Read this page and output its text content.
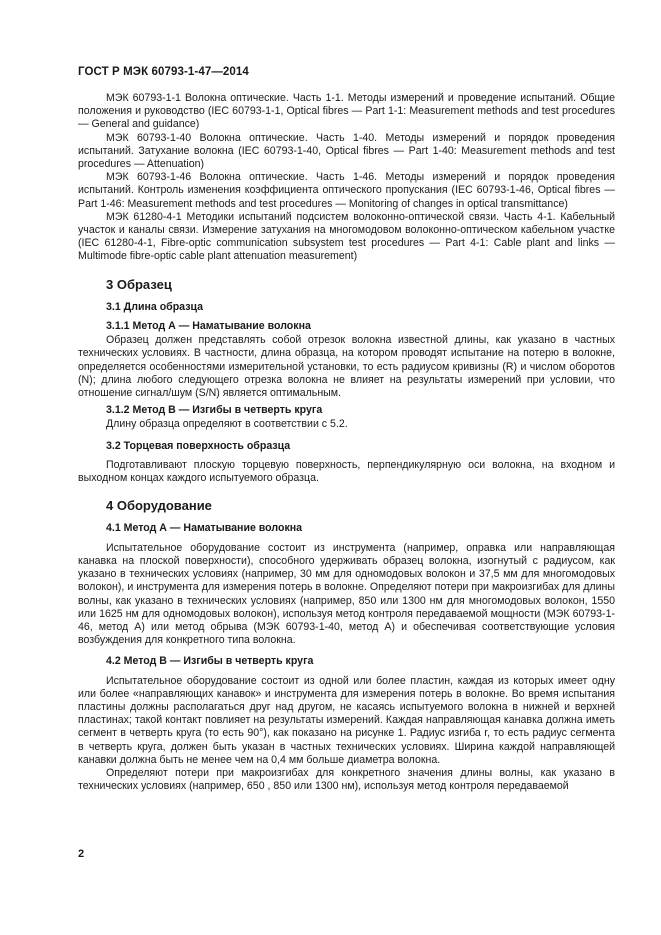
ГОСТ Р МЭК 60793-1-47—2014

МЭК 60793-1-1 Волокна оптические. Часть 1-1. Методы измерений и проведение испытаний. Общие положения и руководство (IEC 60793-1-1, Optical fibres — Part 1-1: Measurement methods and test procedures — General and guidance)

МЭК 60793-1-40 Волокна оптические. Часть 1-40. Методы измерений и порядок проведения испытаний. Затухание волокна (IEC 60793-1-40, Optical fibres — Part 1-40: Measurement methods and test procedures — Attenuation)

МЭК 60793-1-46 Волокна оптические. Часть 1-46. Методы измерений и порядок проведения испытаний. Контроль изменения коэффициента оптического пропускания (IEC 60793-1-46, Optical fibres — Part 1-46: Measurement methods and test procedures — Monitoring of changes in optical transmittance)

МЭК 61280-4-1 Методики испытаний подсистем волоконно-оптической связи. Часть 4-1. Кабельный участок и каналы связи. Измерение затухания на многомодовом волоконно-оптическом кабельном участке (IEC 61280-4-1, Fibre-optic communication subsystem test procedures — Part 4-1: Cable plant and links — Multimode fibre-optic cable plant attenuation measurement)

3 Образец
3.1 Длина образца
3.1.1 Метод А — Наматывание волокна

Образец должен представлять собой отрезок волокна известной длины, как указано в частных технических условиях. В частности, длина образца, на котором проводят испытание на потерю в волокне, определяется особенностями измерительной установки, то есть радиусом кривизны (R) и числом оборотов (N); длина любого следующего отрезка волокна не влияет на результаты измерений при условии, что отношение сигнал/шум (S/N) является оптимальным.

3.1.2 Метод В — Изгибы в четверть круга

Длину образца определяют в соответствии с 5.2.

3.2 Торцевая поверхность образца

Подготавливают плоскую торцевую поверхность, перпендикулярную оси волокна, на входном и выходном концах каждого испытуемого образца.

4 Оборудование
4.1 Метод А — Наматывание волокна

Испытательное оборудование состоит из инструмента (например, оправка или направляющая канавка на плоской поверхности), способного удерживать образец волокна, изогнутый с радиусом, как указано в технических условиях (например, 30 мм для одномодовых волокон и 37,5 мм для многомодовых волокон), и инструмента для измерения потерь в волокне. Определяют потери при макроизгибах для длины волны, как указано в технических условиях (например, 850 или 1300 нм для многомодовых волокон, 1550 или 1625 нм для одномодовых волокон), используя метод контроля передаваемой мощности (МЭК 60793-1-46, метод А) или метод обрыва (МЭК 60793-1-40, метод А) и обеспечивая соответствующие условия возбуждения для конкретного типа волокна.

4.2 Метод В — Изгибы в четверть круга

Испытательное оборудование состоит из одной или более пластин, каждая из которых имеет одну или более «направляющих канавок» и инструмента для измерения потерь в волокне. Во время испытания пластины должны располагаться друг над другом, не касаясь испытуемого волокна в нижней и верхней пластинах; такой контакт повлияет на результаты измерений. Каждая направляющая канавка должна иметь сегмент в четверть круга (то есть 90°), как показано на рисунке 1. Радиус изгиба r, то есть радиус сегмента в четверть круга, должен быть указан в частных технических условиях. Ширина каждой направляющей канавки должна быть не менее чем на 0,4 мм больше диаметра волокна.

Определяют потери при макроизгибах для конкретного значения длины волны, как указано в технических условиях (например, 650 , 850 или 1300 нм), используя метод контроля передаваемой

2
